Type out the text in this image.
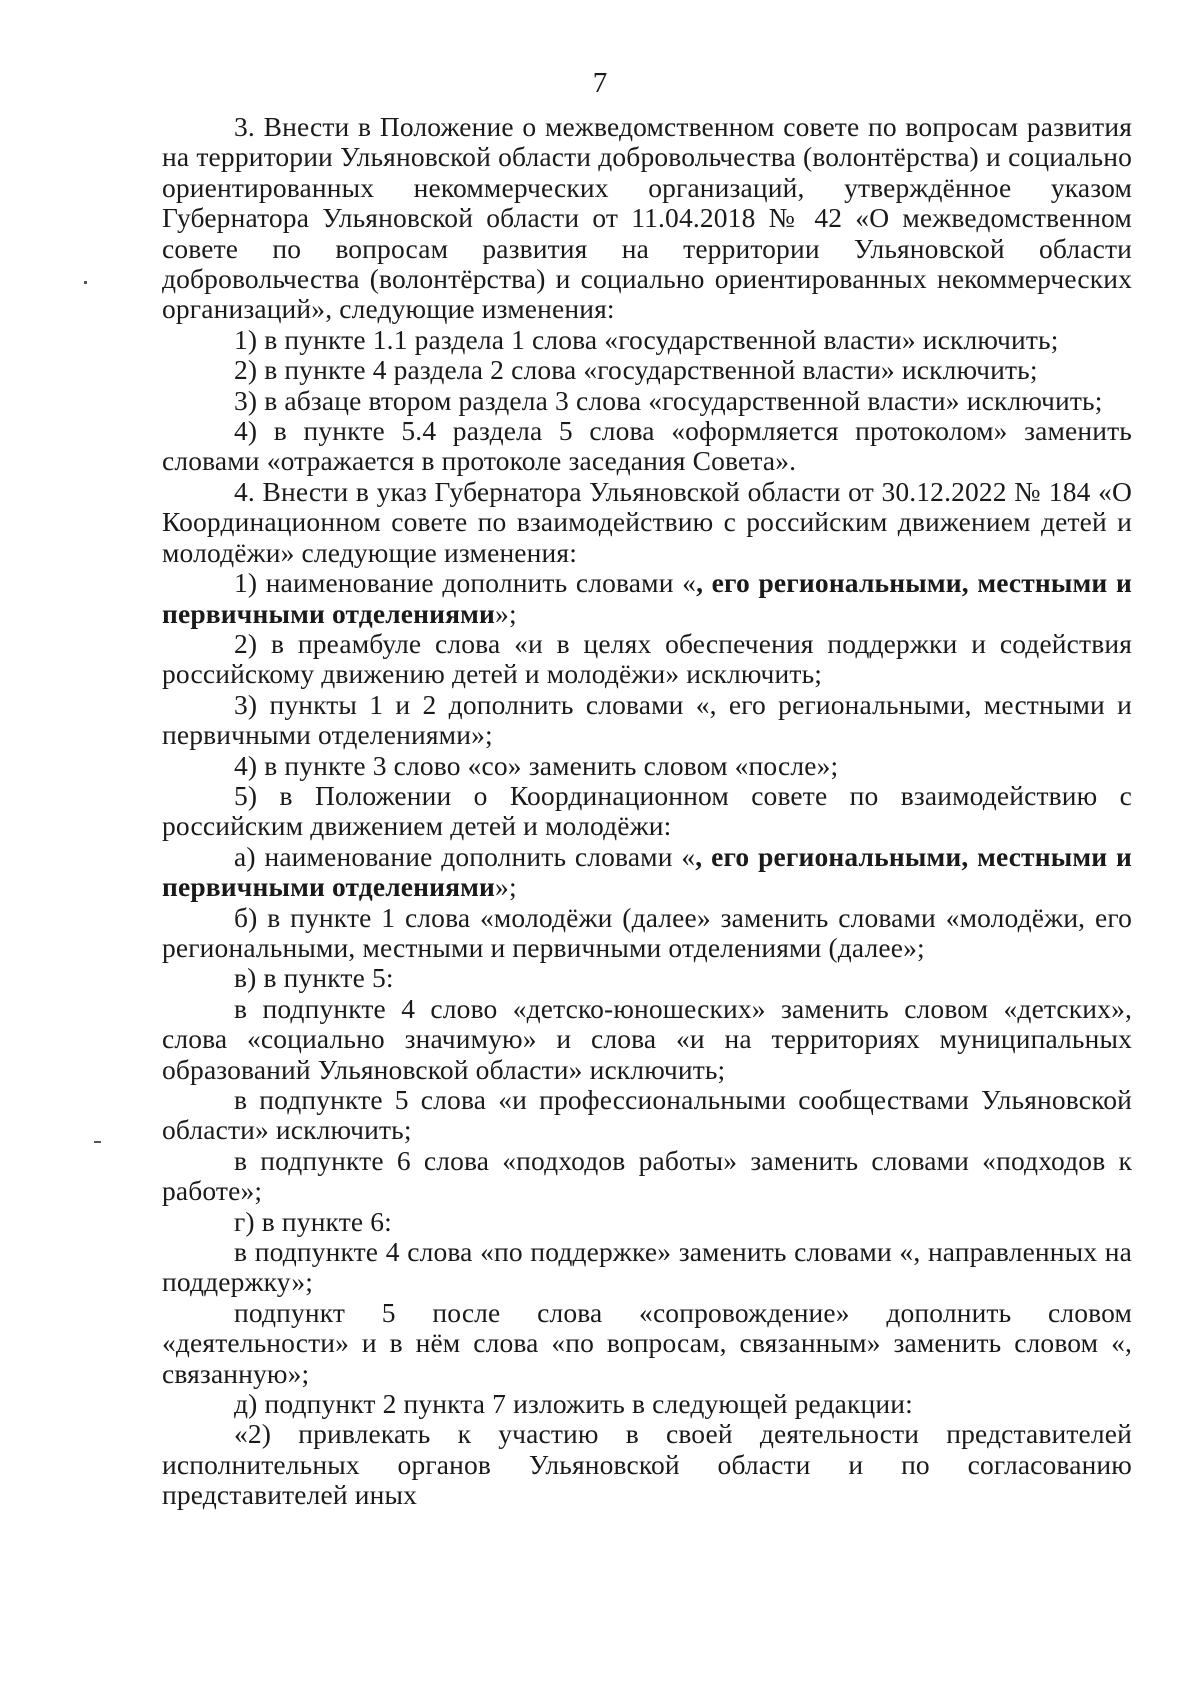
7

3. Внести в Положение о межведомственном совете по вопросам развития на территории Ульяновской области добровольчества (волонтёрства) и социально ориентированных некоммерческих организаций, утверждённое указом Губернатора Ульяновской области от 11.04.2018 № 42 «О межведомственном совете по вопросам развития на территории Ульяновской области добровольчества (волонтёрства) и социально ориентированных некоммерческих организаций», следующие изменения:

1) в пункте 1.1 раздела 1 слова «государственной власти» исключить;

2) в пункте 4 раздела 2 слова «государственной власти» исключить;

3) в абзаце втором раздела 3 слова «государственной власти» исключить;

4) в пункте 5.4 раздела 5 слова «оформляется протоколом» заменить словами «отражается в протоколе заседания Совета».

4. Внести в указ Губернатора Ульяновской области от 30.12.2022 № 184 «О Координационном совете по взаимодействию с российским движением детей и молодёжи» следующие изменения:

1) наименование дополнить словами «, его региональными, местными и первичными отделениями»;

2) в преамбуле слова «и в целях обеспечения поддержки и содействия российскому движению детей и молодёжи» исключить;

3) пункты 1 и 2 дополнить словами «, его региональными, местными и первичными отделениями»;

4) в пункте 3 слово «со» заменить словом «после»;

5) в Положении о Координационном совете по взаимодействию с российским движением детей и молодёжи:

а) наименование дополнить словами «, его региональными, местными и первичными отделениями»;

б) в пункте 1 слова «молодёжи (далее» заменить словами «молодёжи, его региональными, местными и первичными отделениями (далее»;

в) в пункте 5:

в подпункте 4 слово «детско-юношеских» заменить словом «детских», слова «социально значимую» и слова «и на территориях муниципальных образований Ульяновской области» исключить;

в подпункте 5 слова «и профессиональными сообществами Ульяновской области» исключить;

в подпункте 6 слова «подходов работы» заменить словами «подходов к работе»;

г) в пункте 6:

в подпункте 4 слова «по поддержке» заменить словами «, направленных на поддержку»;

подпункт 5 после слова «сопровождение» дополнить словом «деятельности» и в нём слова «по вопросам, связанным» заменить словом «, связанную»;

д) подпункт 2 пункта 7 изложить в следующей редакции:

«2) привлекать к участию в своей деятельности представителей исполнительных органов Ульяновской области и по согласованию представителей иных
